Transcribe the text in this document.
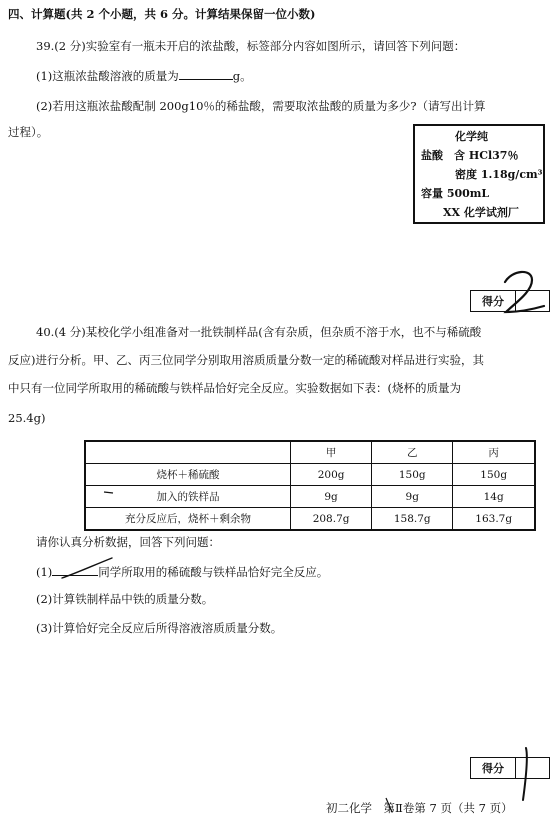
四、计算题(共 2 个小题，共 6 分。计算结果保留一位小数)
39.(2 分)实验室有一瓶未开启的浓盐酸，标签部分内容如图所示，请回答下列问题：
(1)这瓶浓盐酸溶液的质量为	g。
(2)若用这瓶浓盐酸配制 200g10％的稀盐酸，需要取浓盐酸的质量为多少?（请写出计算
过程）。	化学纯
盐酸　含 HCl37％
密度 1.18g/cm³
容量 500mL
XX 化学试剂厂
得分
40.(4 分)某校化学小组准备对一批铁制样品(含有杂质，但杂质不溶于水，也不与稀硫酸
反应)进行分析。甲、乙、丙三位同学分别取用溶质质量分数一定的稀硫酸对样品进行实验，其
中只有一位同学所取用的稀硫酸与铁样品恰好完全反应。实验数据如下表：(烧杯的质量为
25.4g)
	甲	乙	丙
烧杯＋稀硫酸	200g	150g	150g
加入的铁样品	9g	9g	14g
充分反应后，烧杯＋剩余物	208.7g	158.7g	163.7g
请你认真分析数据，回答下列问题：
(1)	同学所取用的稀硫酸与铁样品恰好完全反应。
(2)计算铁制样品中铁的质量分数。
(3)计算恰好完全反应后所得溶液溶质质量分数。
得分
初二化学　第Ⅱ卷第 7 页（共 7 页）
